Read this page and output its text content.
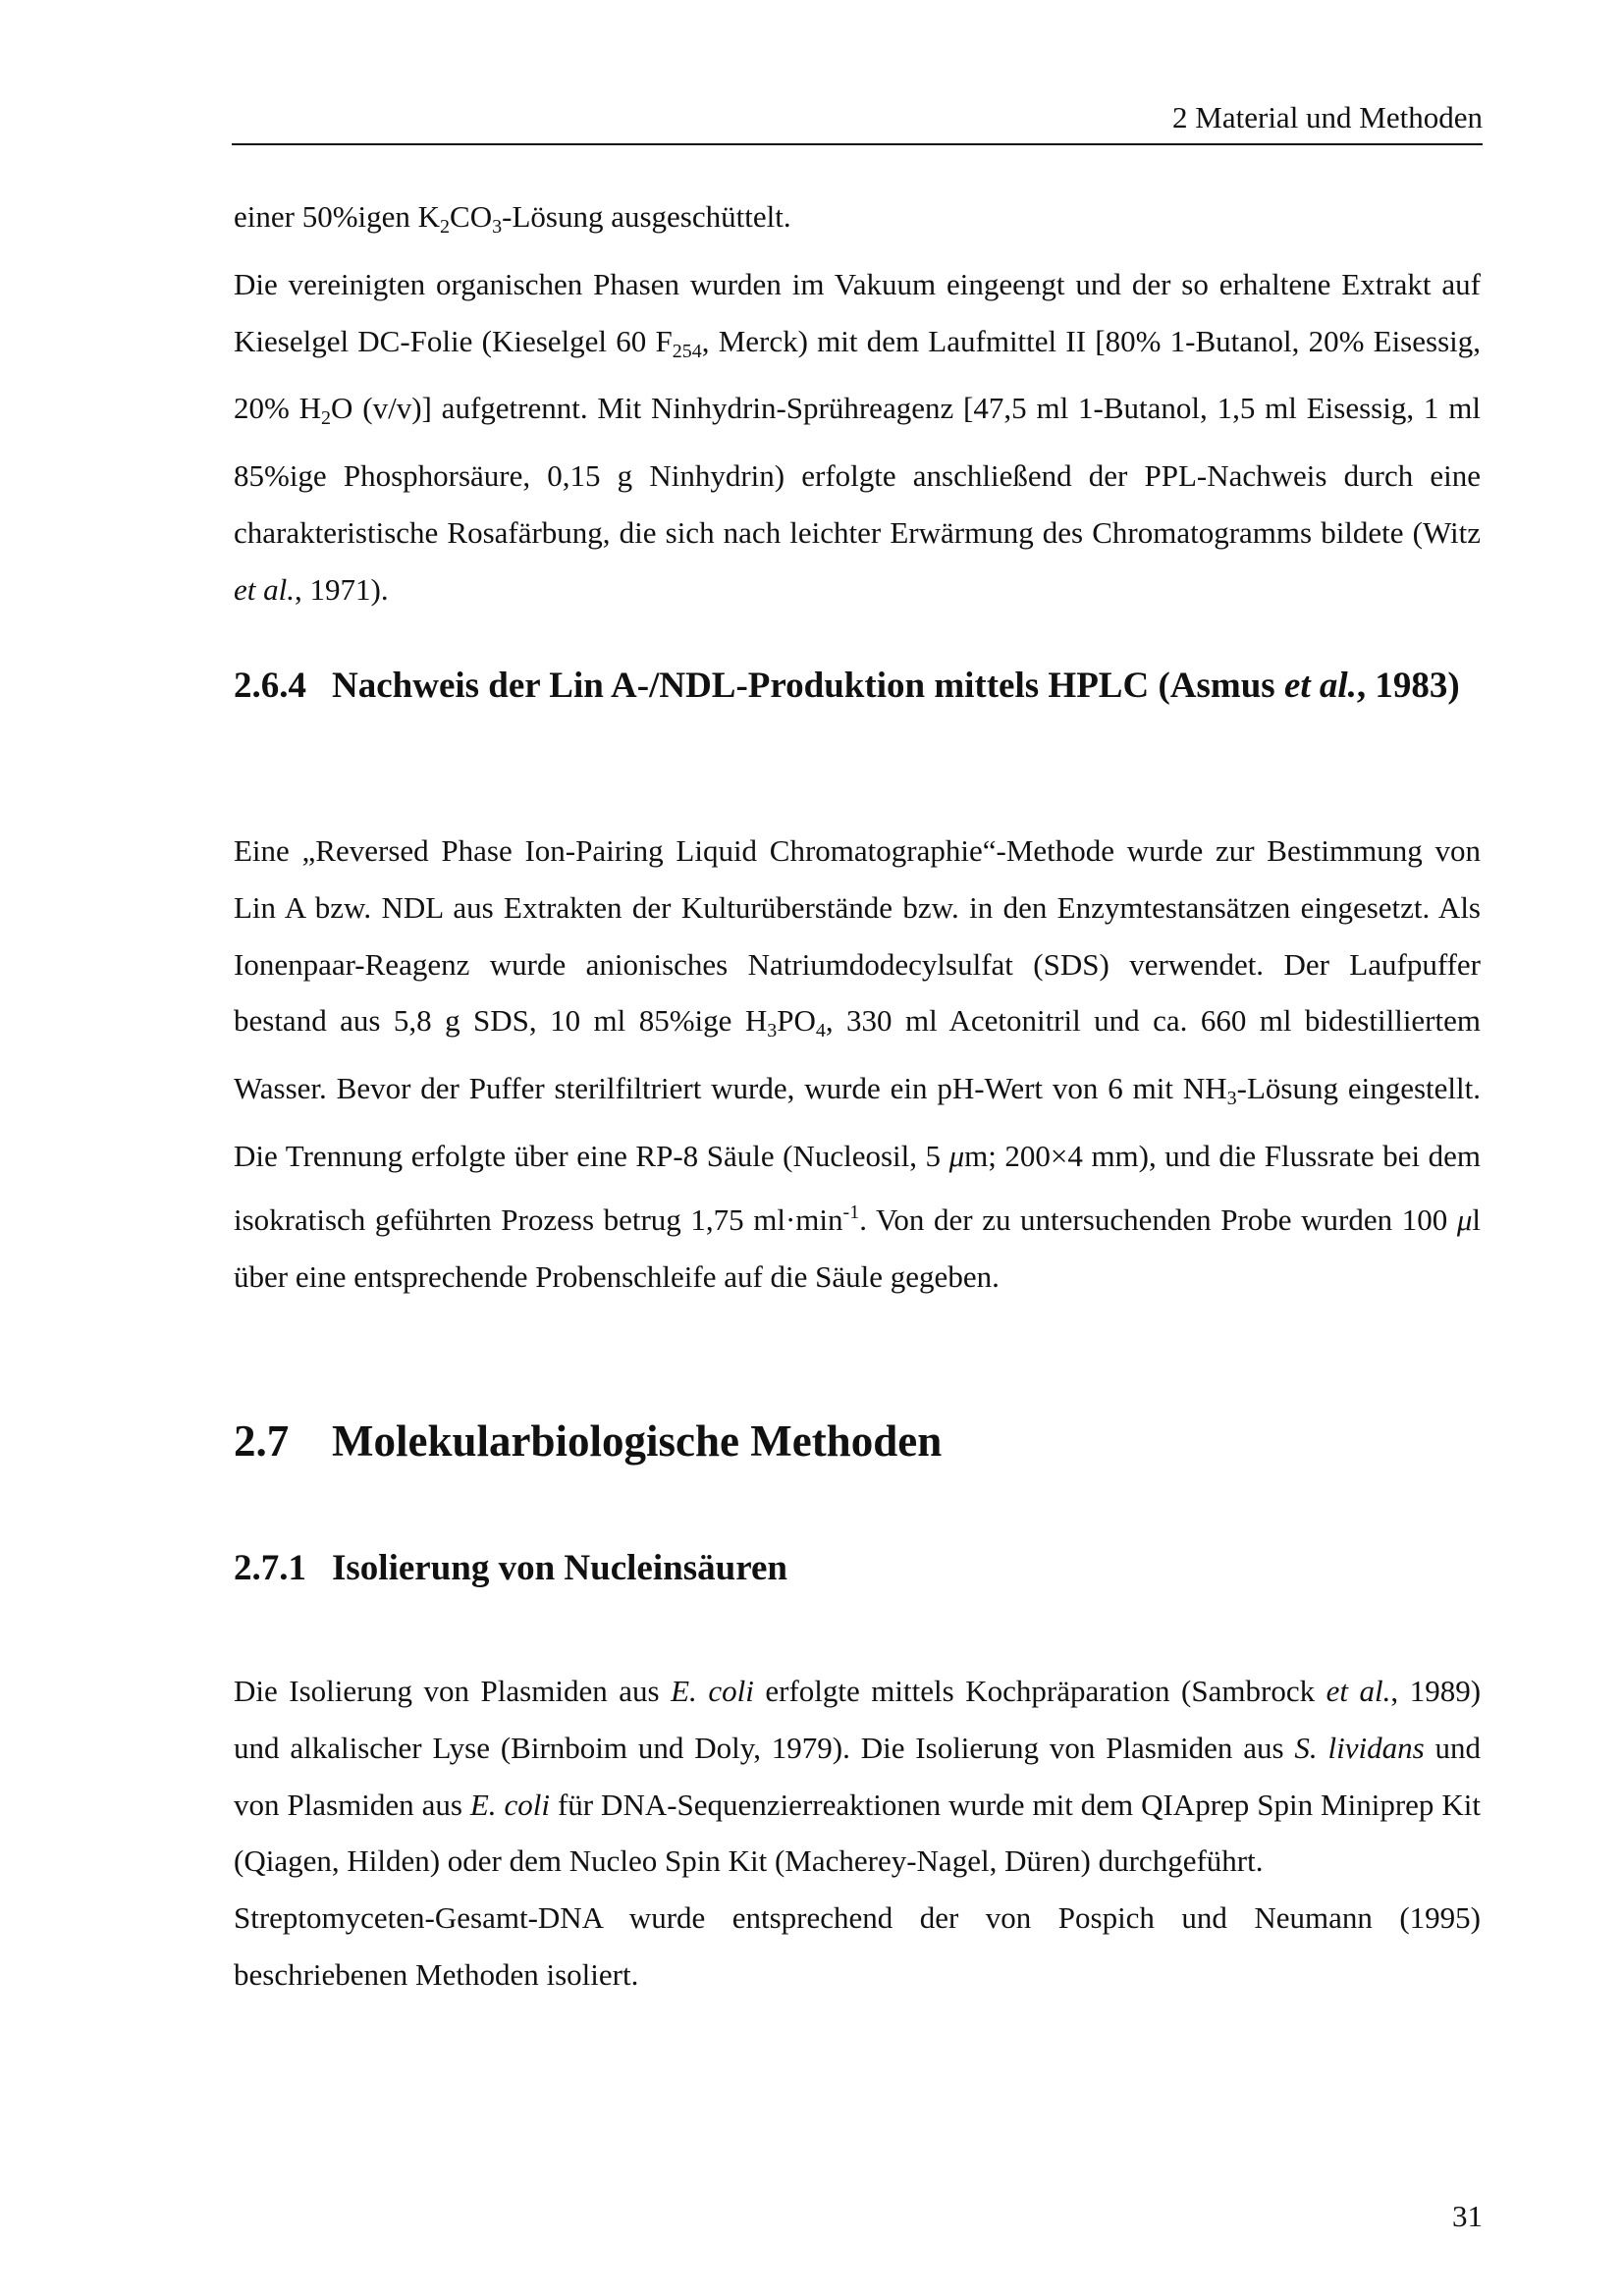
2 Material und Methoden

einer 50%igen $K_2CO_3$-Lösung ausgeschüttelt.

Die vereinigten organischen Phasen wurden im Vakuum eingeengt und der so erhaltene Extrakt auf Kieselgel DC-Folie (Kieselgel 60 $F_{254}$, Merck) mit dem Laufmittel II [80% 1-Butanol, 20% Eisessig, 20% $H_2O$ (v/v)] aufgetrennt. Mit Ninhydrin-Sprühreagenz [47,5 ml 1-Butanol, 1,5 ml Eisessig, 1 ml 85%ige Phosphorsäure, 0,15 g Ninhydrin) erfolgte anschließend der PPL-Nachweis durch eine charakteristische Rosafärbung, die sich nach leichter Erwärmung des Chromatogramms bildete (Witz et al., 1971).

2.6.4 Nachweis der Lin A-/NDL-Produktion mittels HPLC (Asmus et al., 1983)

Eine „Reversed Phase Ion-Pairing Liquid Chromatographie“-Methode wurde zur Bestimmung von Lin A bzw. NDL aus Extrakten der Kulturüberstände bzw. in den Enzymtestansätzen eingesetzt. Als Ionenpaar-Reagenz wurde anionisches Natriumdodecylsulfat (SDS) verwendet. Der Laufpuffer bestand aus 5,8 g SDS, 10 ml 85%ige $H_3PO_4$, 330 ml Acetonitril und ca. 660 ml bidestilliertem Wasser. Bevor der Puffer sterilfiltriert wurde, wurde ein pH-Wert von 6 mit $NH_3$-Lösung eingestellt. Die Trennung erfolgte über eine RP-8 Säule (Nucleosil, 5 μm; 200×4 mm), und die Flussrate bei dem isokratisch geführten Prozess betrug 1,75 $ml\cdot\min^{-1}$. Von der zu untersuchenden Probe wurden 100 μl über eine entsprechende Probenschleife auf die Säule gegeben.

2.7 Molekularbiologische Methoden
2.7.1 Isolierung von Nucleinsäuren

Die Isolierung von Plasmiden aus E. coli erfolgte mittels Kochpräparation (Sambrock et al., 1989) und alkalischer Lyse (Birnboim und Doly, 1979). Die Isolierung von Plasmiden aus S. lividans und von Plasmiden aus E. coli für DNA-Sequenzierreaktionen wurde mit dem QIAprep Spin Miniprep Kit (Qiagen, Hilden) oder dem Nucleo Spin Kit (Macherey-Nagel, Düren) durchgeführt.

Streptomyceten-Gesamt-DNA wurde entsprechend der von Pospich und Neumann (1995) beschriebenen Methoden isoliert.

31
